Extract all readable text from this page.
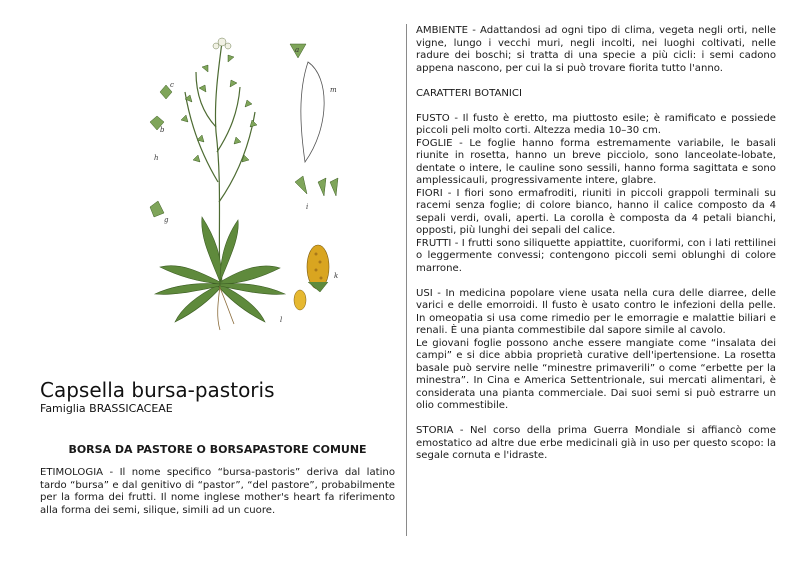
c
b
h
m
i
k
l
g
a
Capsella bursa-pastoris
Famiglia BRASSICACEAE
BORSA DA PASTORE O BORSAPASTORE COMUNE

ETIMOLOGIA - Il nome specifico “bursa-pastoris” deriva dal latino tardo “bursa” e dal genitivo di “pastor”, “del pastore”, probabilmente per la forma dei frutti. Il nome inglese mother's heart fa riferimento alla forma dei semi, silique, simili ad un cuore.

AMBIENTE - Adattandosi ad ogni tipo di clima, vegeta negli orti, nelle vigne, lungo i vecchi muri, negli incolti, nei luoghi coltivati, nelle radure dei boschi; si tratta di una specie a più cicli: i semi cadono appena nascono, per cui la si può trovare fiorita tutto l'anno.

CARATTERI BOTANICI

FUSTO - Il fusto è eretto, ma piuttosto esile; è ramificato e possiede piccoli peli molto corti. Altezza media 10–30 cm.

FOGLIE - Le foglie hanno forma estremamente variabile, le basali riunite in rosetta, hanno un breve picciolo, sono lanceolate-lobate, dentate o intere, le cauline sono sessili, hanno forma sagittata e sono amplessicauli, progressivamente intere, glabre.

FIORI - I fiori sono ermafroditi, riuniti in piccoli grappoli terminali su racemi senza foglie; di colore bianco, hanno il calice composto da 4 sepali verdi, ovali, aperti. La corolla è composta da 4 petali bianchi, opposti, più lunghi dei sepali del calice.

FRUTTI - I frutti sono siliquette appiattite, cuoriformi, con i lati rettilinei o leggermente convessi; contengono piccoli semi oblunghi di colore marrone.

USI - In medicina popolare viene usata nella cura delle diarree, delle varici e delle emorroidi. Il fusto è usato contro le infezioni della pelle. In omeopatia si usa come rimedio per le emorragie e malattie biliari e renali. È una pianta commestibile dal sapore simile al cavolo.

Le giovani foglie possono anche essere mangiate come “insalata dei campi” e si dice abbia proprietà curative dell'ipertensione. La rosetta basale può servire nelle “minestre primaverili” o come “erbette per la minestra”. In Cina e America Settentrionale, sui mercati alimentari, è considerata una pianta commerciale. Dai suoi semi si può estrarre un olio commestibile.

STORIA - Nel corso della prima Guerra Mondiale si affiancò come emostatico ad altre due erbe medicinali già in uso per questo scopo: la segale cornuta e l'idraste.
